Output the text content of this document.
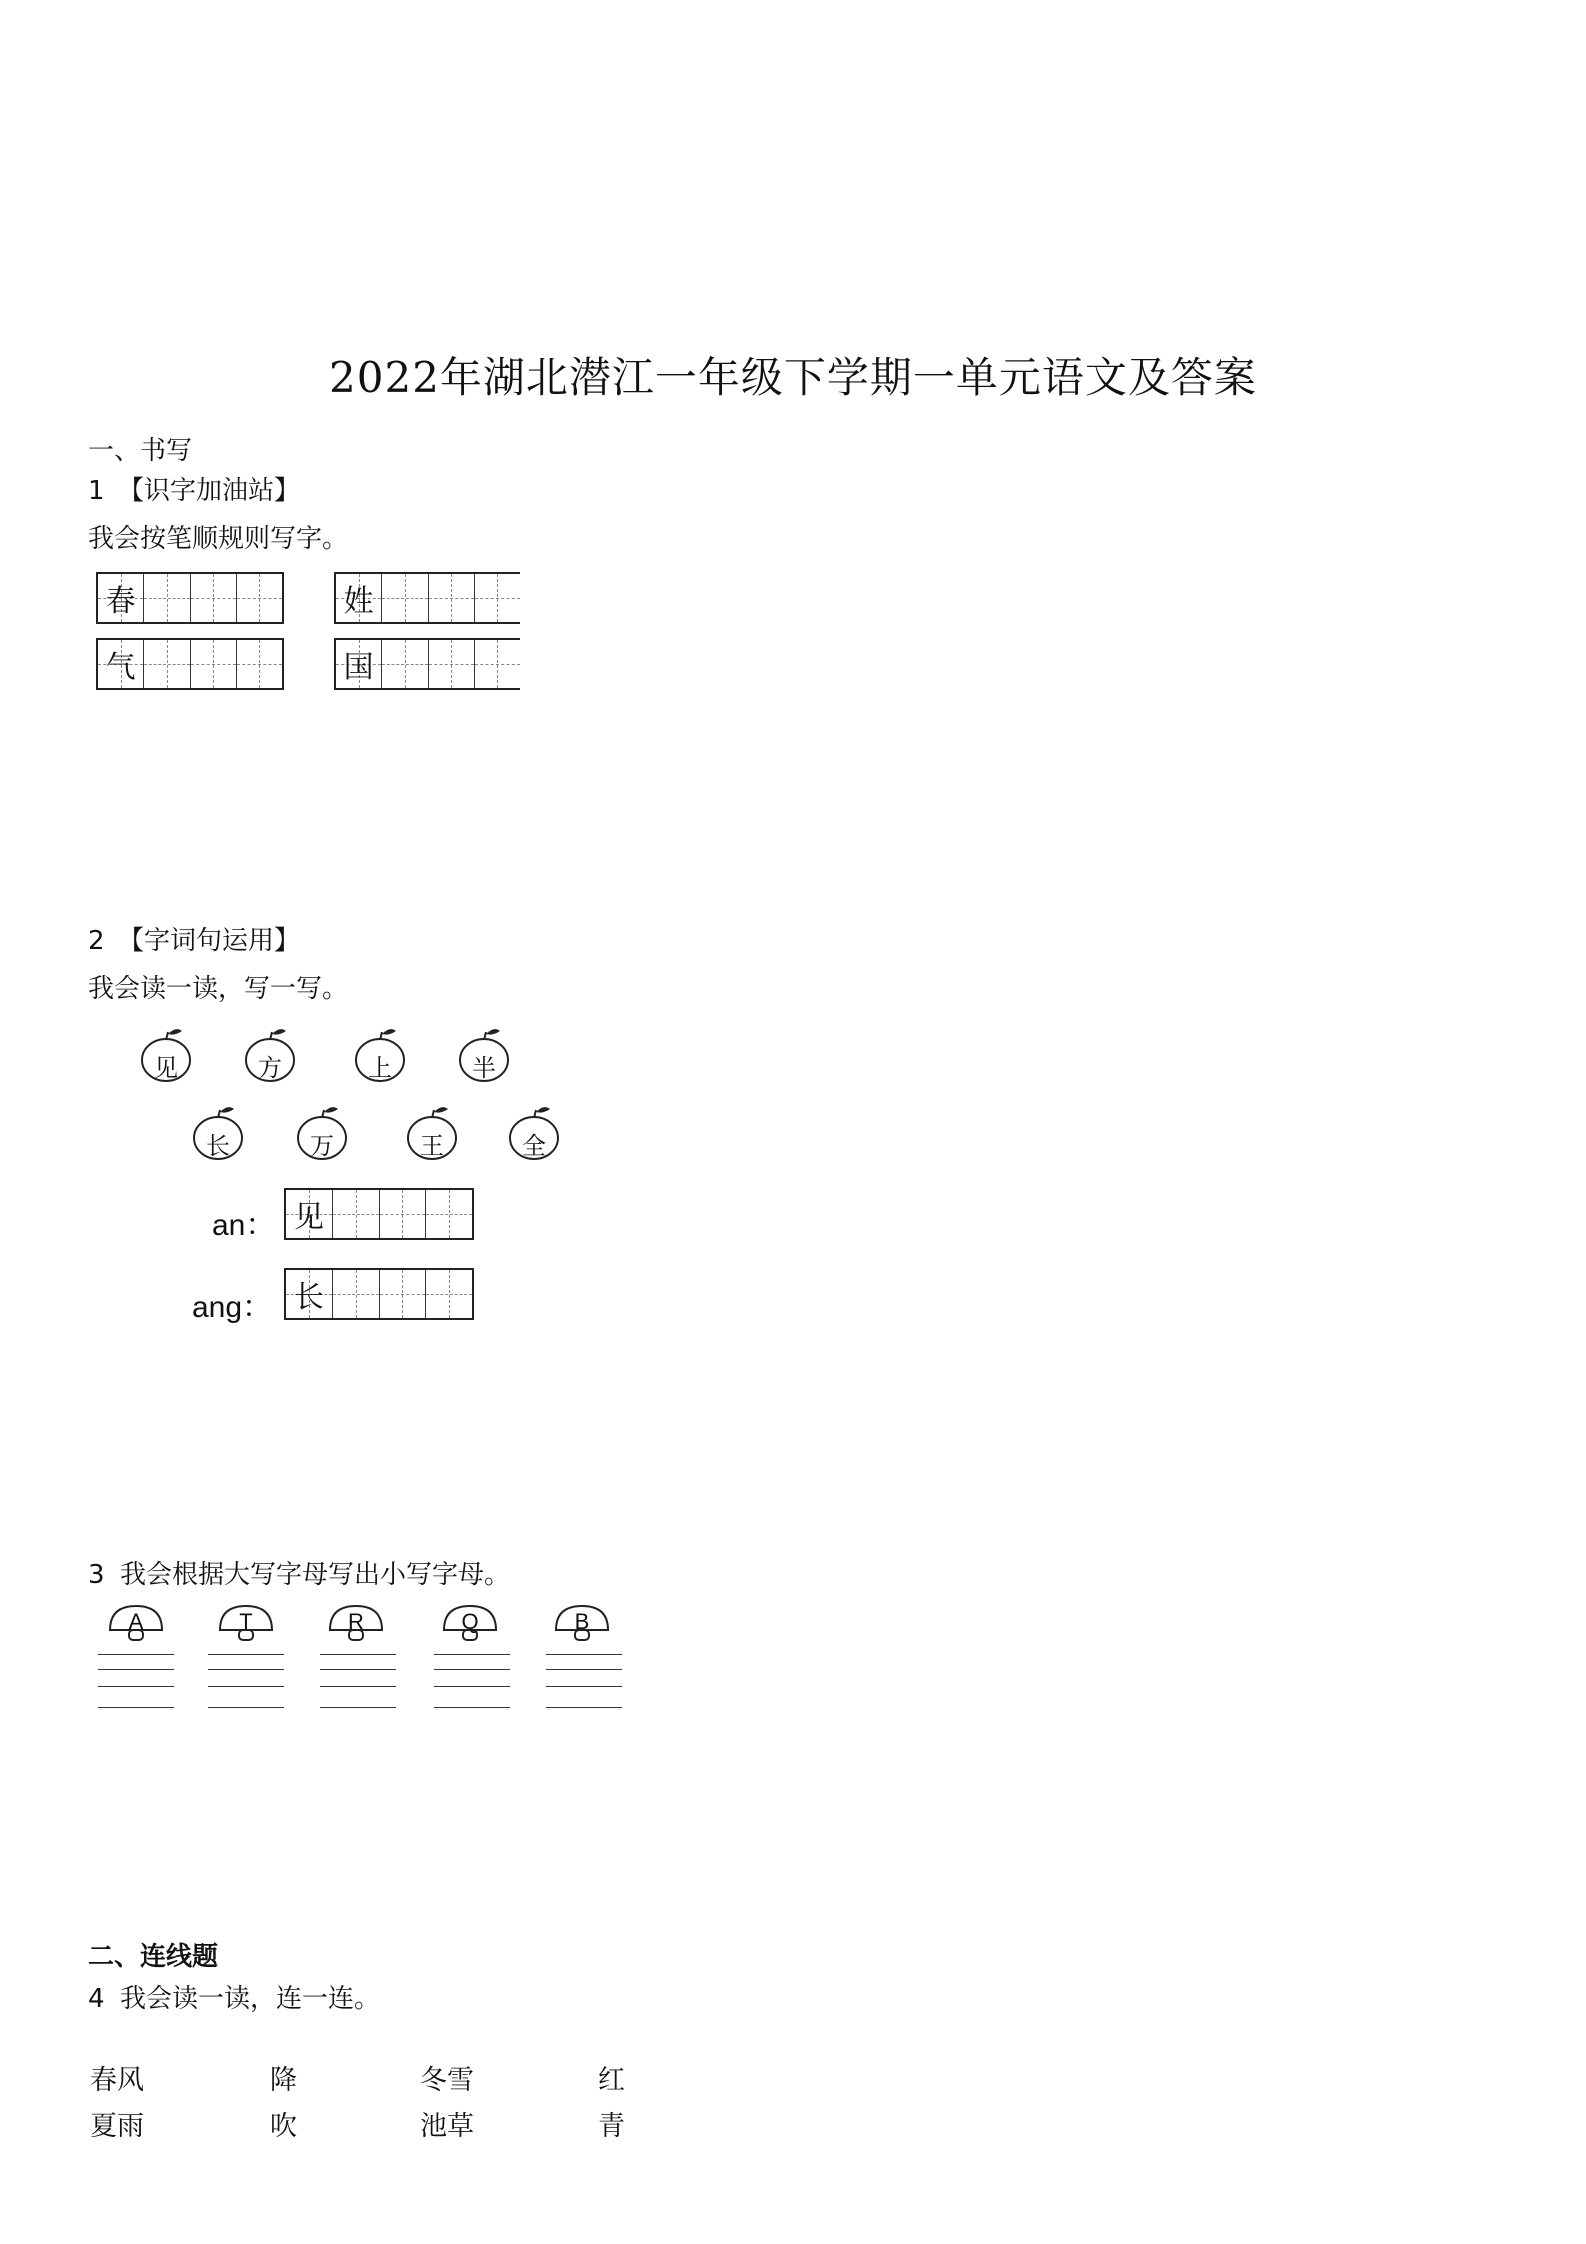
2022年湖北潜江一年级下学期一单元语文及答案
一、书写
1 【识字加油站】
我会按笔顺规则写字。
春	姓
气	国
2 【字词句运用】
我会读一读，写一写。
见	方	上	半
长	万	王	全
an： 见
ang： 长
3 我会根据大写字母写出小写字母。
A	T	R	Q	B
二、连线题
4 我会读一读，连一连。
春风	降	冬雪	红
夏雨	吹	池草	青
